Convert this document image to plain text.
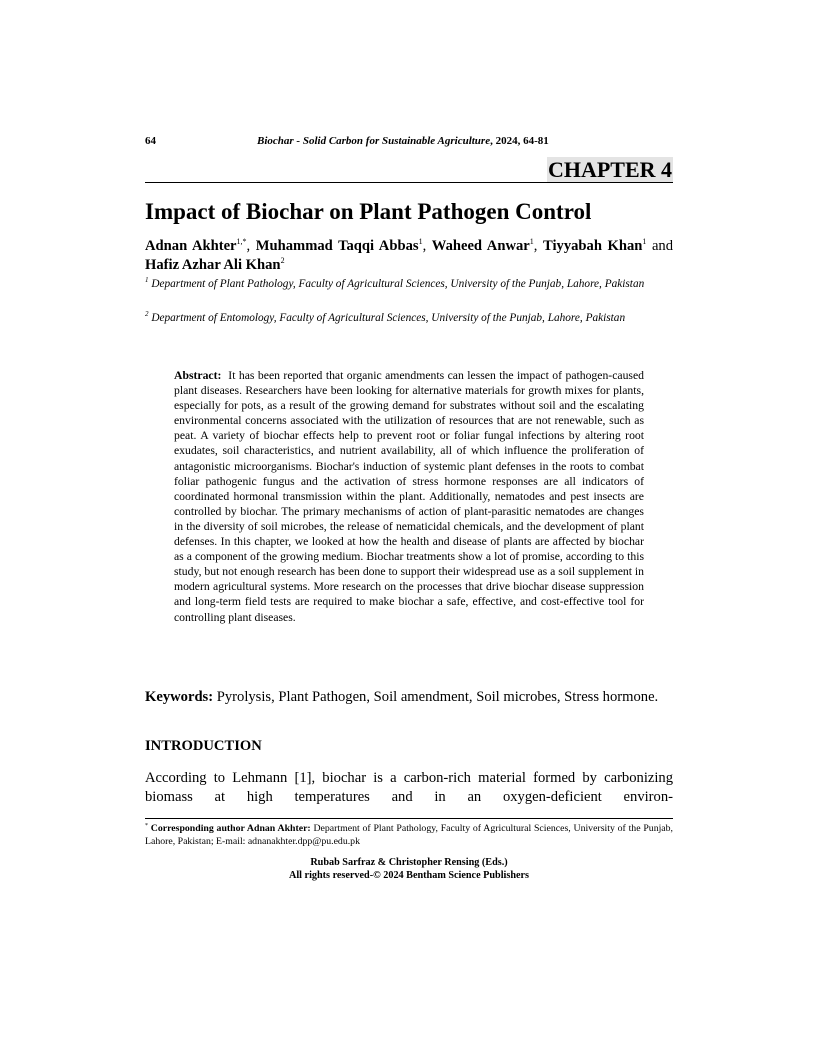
64	Biochar - Solid Carbon for Sustainable Agriculture, 2024, 64-81
CHAPTER 4
Impact of Biochar on Plant Pathogen Control

Adnan Akhter$^{1,*}$, Muhammad Taqqi Abbas$^1$, Waheed Anwar$^1$, Tiyyabah Khan$^1$ and Hafiz Azhar Ali Khan$^2$

$^1$ Department of Plant Pathology, Faculty of Agricultural Sciences, University of the Punjab, Lahore, Pakistan

$^2$ Department of Entomology, Faculty of Agricultural Sciences, University of the Punjab, Lahore, Pakistan

Abstract: It has been reported that organic amendments can lessen the impact of pathogen-caused plant diseases. Researchers have been looking for alternative materials for growth mixes for plants, especially for pots, as a result of the growing demand for substrates without soil and the escalating environmental concerns associated with the utilization of resources that are not renewable, such as peat. A variety of biochar effects help to prevent root or foliar fungal infections by altering root exudates, soil characteristics, and nutrient availability, all of which influence the proliferation of antagonistic microorganisms. Biochar's induction of systemic plant defenses in the roots to combat foliar pathogenic fungus and the activation of stress hormone responses are all indicators of coordinated hormonal transmission within the plant. Additionally, nematodes and pest insects are controlled by biochar. The primary mechanisms of action of plant-parasitic nematodes are changes in the diversity of soil microbes, the release of nematicidal chemicals, and the development of plant defenses. In this chapter, we looked at how the health and disease of plants are affected by biochar as a component of the growing medium. Biochar treatments show a lot of promise, according to this study, but not enough research has been done to support their widespread use as a soil supplement in modern agricultural systems. More research on the processes that drive biochar disease suppression and long-term field tests are required to make biochar a safe, effective, and cost-effective tool for controlling plant diseases.

Keywords: Pyrolysis, Plant Pathogen, Soil amendment, Soil microbes, Stress hormone.

INTRODUCTION

According to Lehmann [1], biochar is a carbon-rich material formed by carbonizing biomass at high temperatures and in an oxygen-deficient environ-

* Corresponding author Adnan Akhter: Department of Plant Pathology, Faculty of Agricultural Sciences, University of the Punjab, Lahore, Pakistan; E-mail: adnanakhter.dpp@pu.edu.pk

Rubab Sarfraz & Christopher Rensing (Eds.)
All rights reserved-© 2024 Bentham Science Publishers
